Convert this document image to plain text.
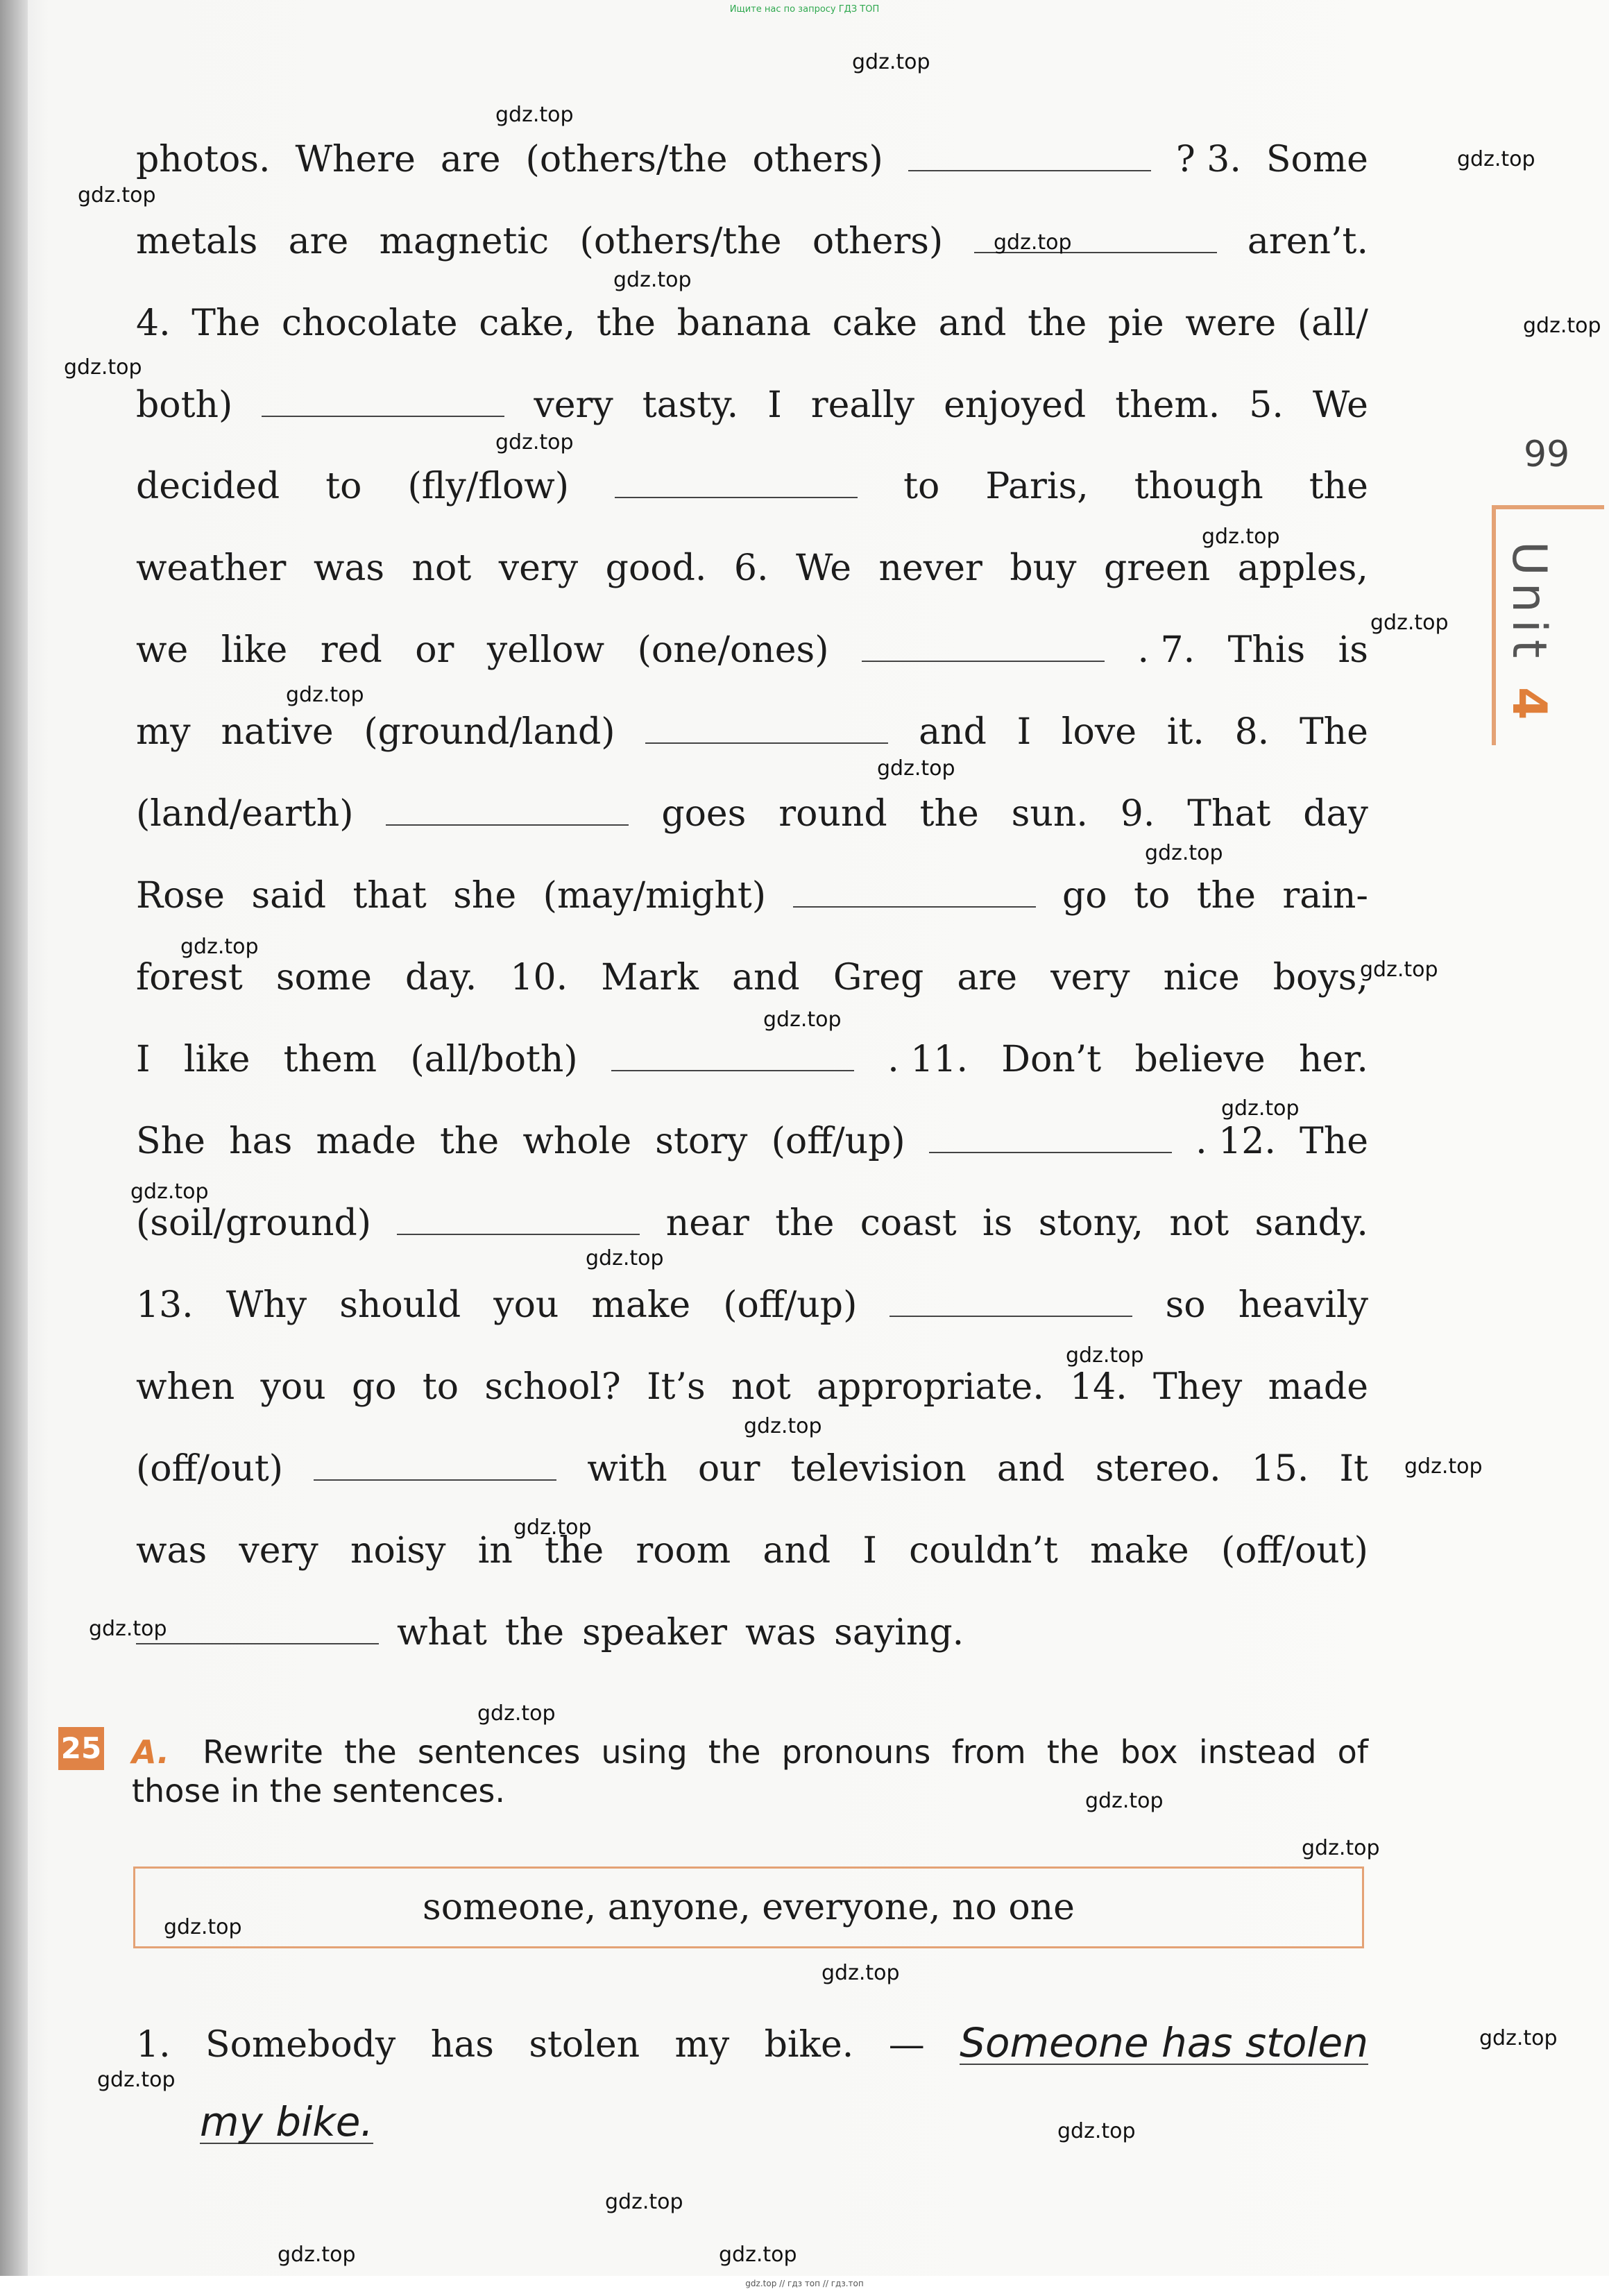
Ищите нас по запросу ГДЗ ТОП
99
Unit 4
photos. Where are (others/the others)	? 3. Some
metals are magnetic (others/the others)	aren’t.
4. The chocolate cake, the banana cake and the pie were (all/
both)	very tasty. I really enjoyed them. 5. We
decided to (fly/flow)	to Paris, though the
weather was not very good. 6. We never buy green apples,
we like red or yellow (one/ones)	. 7. This is
my native (ground/land)	and I love it. 8. The
(land/earth)	goes round the sun. 9. That day
Rose said that she (may/might)	go to the rain-
forest some day. 10. Mark and Greg are very nice boys,
I like them (all/both)	. 11. Don’t believe her.
She has made the whole story (off/up)	. 12. The
(soil/ground)	near the coast is stony, not sandy.
13. Why should you make (off/up)	so heavily
when you go to school? It’s not appropriate. 14. They made
(off/out)	with our television and stereo. 15. It
was very noisy in the room and I couldn’t make (off/out)
what the speaker was saying.
25 A. Rewrite the sentences using the pronouns from the box instead of
those in the sentences.
someone, anyone, everyone, no one
1. Somebody has stolen my bike. — Someone has stolen
my bike.
gdz.top
gdz.top
gdz.top
gdz.top
gdz.top
gdz.top
gdz.top
gdz.top
gdz.top
gdz.top
gdz.top
gdz.top
gdz.top
gdz.top
gdz.top
gdz.top
gdz.top
gdz.top
gdz.top
gdz.top
gdz.top
gdz.top
gdz.top
gdz.top
gdz.top
gdz.top
gdz.top
gdz.top
gdz.top
gdz.top
gdz.top
gdz.top
gdz.top
gdz.top
gdz.top	gdz.top
gdz.top // гдз топ // гдз.топ
